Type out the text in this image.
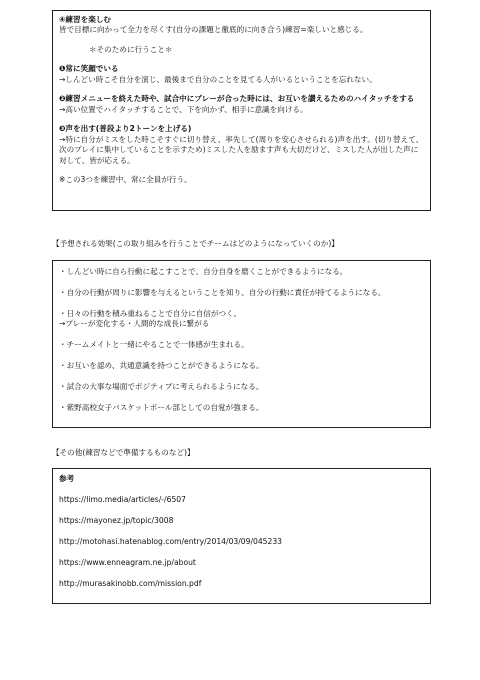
④練習を楽しむ
皆で目標に向かって全力を尽くす(自分の課題と徹底的に向き合う)練習=楽しいと感じる。
＊そのために行うこと＊
❶常に笑顔でいる
→しんどい時こそ自分を演じ、最後まで自分のことを見てる人がいるということを忘れない。
❷練習メニューを終えた時や、試合中にプレーが合った時には、お互いを讃えるためのハイタッチをする
→高い位置でハイタッチすることで、下を向かず、相手に意識を向ける。
❸声を出す(普段より2トーンを上げる)
→特に自分がミスをした時こそすぐに切り替え、率先して(周りを安心させられる)声を出す。(切り替えて、次のプレイに集中していることを示すため)ミスした人を励ます声も大切だけど、ミスした人が出した声に対して、皆が応える。
※この3つを練習中、常に全員が行う。
【予想される効果(この取り組みを行うことでチームはどのようになっていくのか)】
・しんどい時に自ら行動に起こすことで、自分自身を磨くことができるようになる。
・自分の行動が周りに影響を与えるということを知り、自分の行動に責任が持てるようになる。
・日々の行動を積み重ねることで自分に自信がつく。
→プレーが変化する・人間的な成長に繋がる
・チームメイトと一緒にやることで一体感が生まれる。
・お互いを認め、共通意識を持つことができるようになる。
・試合の大事な場面でポジティブに考えられるようになる。
・紫野高校女子バスケットボール部としての自覚が強まる。
【その他(練習などで準備するものなど)】
参考
https://limo.media/articles/-/6507
https://mayonez.jp/topic/3008
http://motohasi.hatenablog.com/entry/2014/03/09/045233
https://www.enneagram.ne.jp/about
http://murasakinobb.com/mission.pdf
